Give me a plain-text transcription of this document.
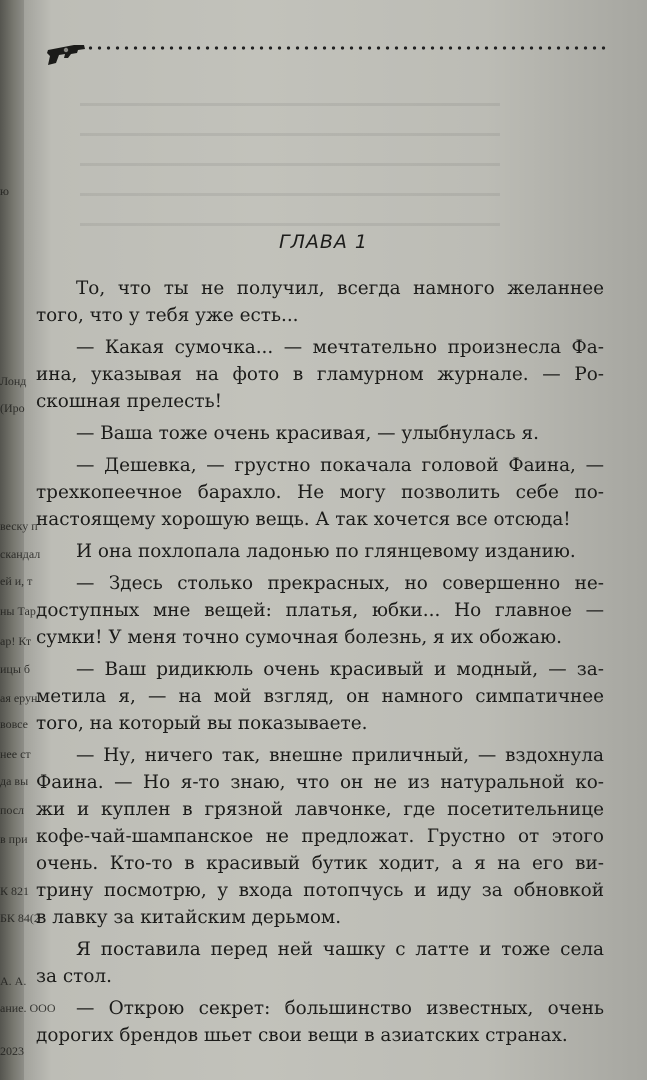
ю
Лонд
(Иро
веску п
скандал
ей и, т
ны Тар
ар! Кт
ицы б
ая ерун
вовсе
нее ст
да вы
посл
в при
К 821
БК 84(2
А. А.
ание. ООО
2023
ГЛАВА 1
То, что ты не получил, всегда намного желаннее
того, что у тебя уже есть...
— Какая сумочка... — мечтательно произнесла Фа-
ина, указывая на фото в гламурном журнале. — Ро-
скошная прелесть!
— Ваша тоже очень красивая, — улыбнулась я.
— Дешевка, — грустно покачала головой Фаина, —
трехкопеечное барахло. Не могу позволить себе по-
настоящему хорошую вещь. А так хочется все отсюда!
И она похлопала ладонью по глянцевому изданию.
— Здесь столько прекрасных, но совершенно не-
доступных мне вещей: платья, юбки... Но главное —
сумки! У меня точно сумочная болезнь, я их обожаю.
— Ваш ридикюль очень красивый и модный, — за-
метила я, — на мой взгляд, он намного симпатичнее
того, на который вы показываете.
— Ну, ничего так, внешне приличный, — вздохнула
Фаина. — Но я-то знаю, что он не из натуральной ко-
жи и куплен в грязной лавчонке, где посетительнице
кофе-чай-шампанское не предложат. Грустно от этого
очень. Кто-то в красивый бутик ходит, а я на его ви-
трину посмотрю, у входа потопчусь и иду за обновкой
в лавку за китайским дерьмом.
Я поставила перед ней чашку с латте и тоже села
за стол.
— Открою секрет: большинство известных, очень
дорогих брендов шьет свои вещи в азиатских странах.
